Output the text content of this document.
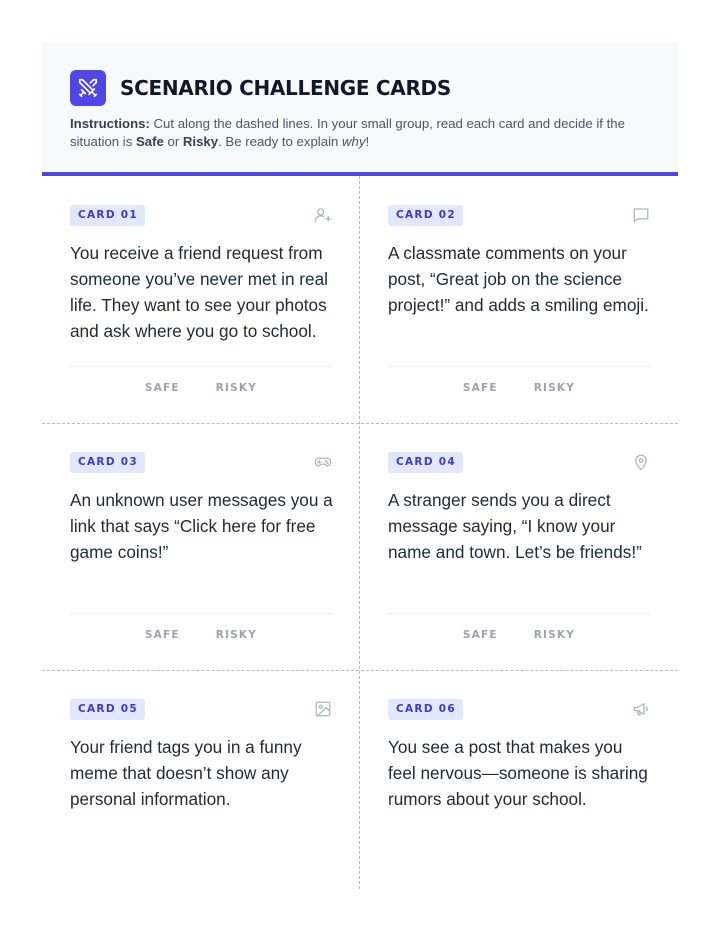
SCENARIO CHALLENGE CARDS

Instructions: Cut along the dashed lines. In your small group, read each card and decide if the situation is Safe or Risky. Be ready to explain why!

CARD 01

You receive a friend request from someone you’ve never met in real life. They want to see your photos and ask where you go to school.

SAFE	RISKY
CARD 02

A classmate comments on your post, “Great job on the science project!” and adds a smiling emoji.

SAFE	RISKY
CARD 03

An unknown user messages you a link that says “Click here for free game coins!”

SAFE	RISKY
CARD 04

A stranger sends you a direct message saying, “I know your name and town. Let’s be friends!”

SAFE	RISKY
CARD 05

Your friend tags you in a funny meme that doesn’t show any personal information.

CARD 06

You see a post that makes you feel nervous—someone is sharing rumors about your school.
